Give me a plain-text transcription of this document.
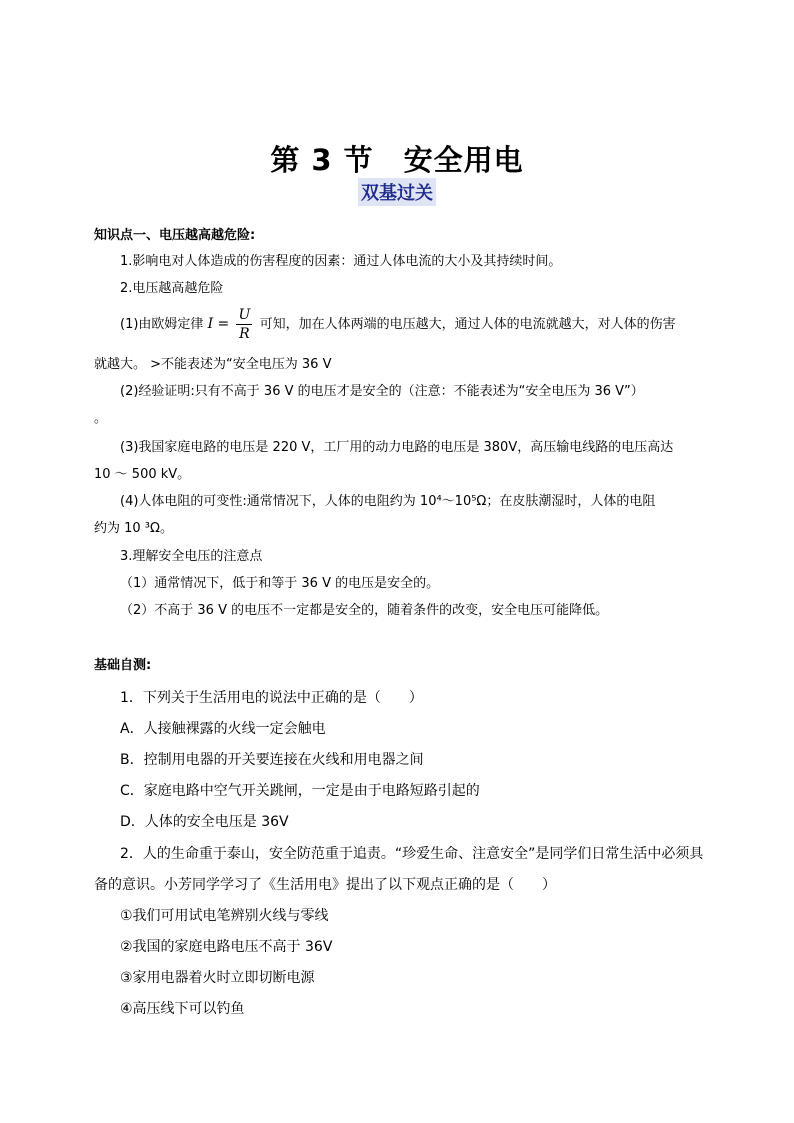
第 3 节　安全用电
双基过关
知识点一、电压越高越危险:
1.影响电对人体造成的伤害程度的因素：通过人体电流的大小及其持续时间。
2.电压越高越危险
(1)由欧姆定律 $I = \frac{U}{R}$ 可知，加在人体两端的电压越大，通过人体的电流就越大，对人体的伤害
就越大。 >不能表述为“安全电压为 36 V
(2)经验证明:只有不高于 36 V 的电压才是安全的（注意：不能表述为“安全电压为 36 V”）
。
(3)我国家庭电路的电压是 220 V，工厂用的动力电路的电压是 380V，高压输电线路的电压高达
10 ～ 500 kV。
(4)人体电阻的可变性:通常情况下，人体的电阻约为 10⁴～10⁵Ω；在皮肤潮湿时，人体的电阻
约为 10 ³Ω。
3.理解安全电压的注意点
（1）通常情况下，低于和等于 36 V 的电压是安全的。
（2）不高于 36 V 的电压不一定都是安全的，随着条件的改变，安全电压可能降低。
基础自测:
1．下列关于生活用电的说法中正确的是（　　）
A．人接触裸露的火线一定会触电
B．控制用电器的开关要连接在火线和用电器之间
C．家庭电路中空气开关跳闸，一定是由于电路短路引起的
D．人体的安全电压是 36V
2．人的生命重于泰山，安全防范重于追责。“珍爱生命、注意安全”是同学们日常生活中必须具
备的意识。小芳同学学习了《生活用电》提出了以下观点正确的是（　　）
①我们可用试电笔辨别火线与零线
②我国的家庭电路电压不高于 36V
③家用电器着火时立即切断电源
④高压线下可以钓鱼
